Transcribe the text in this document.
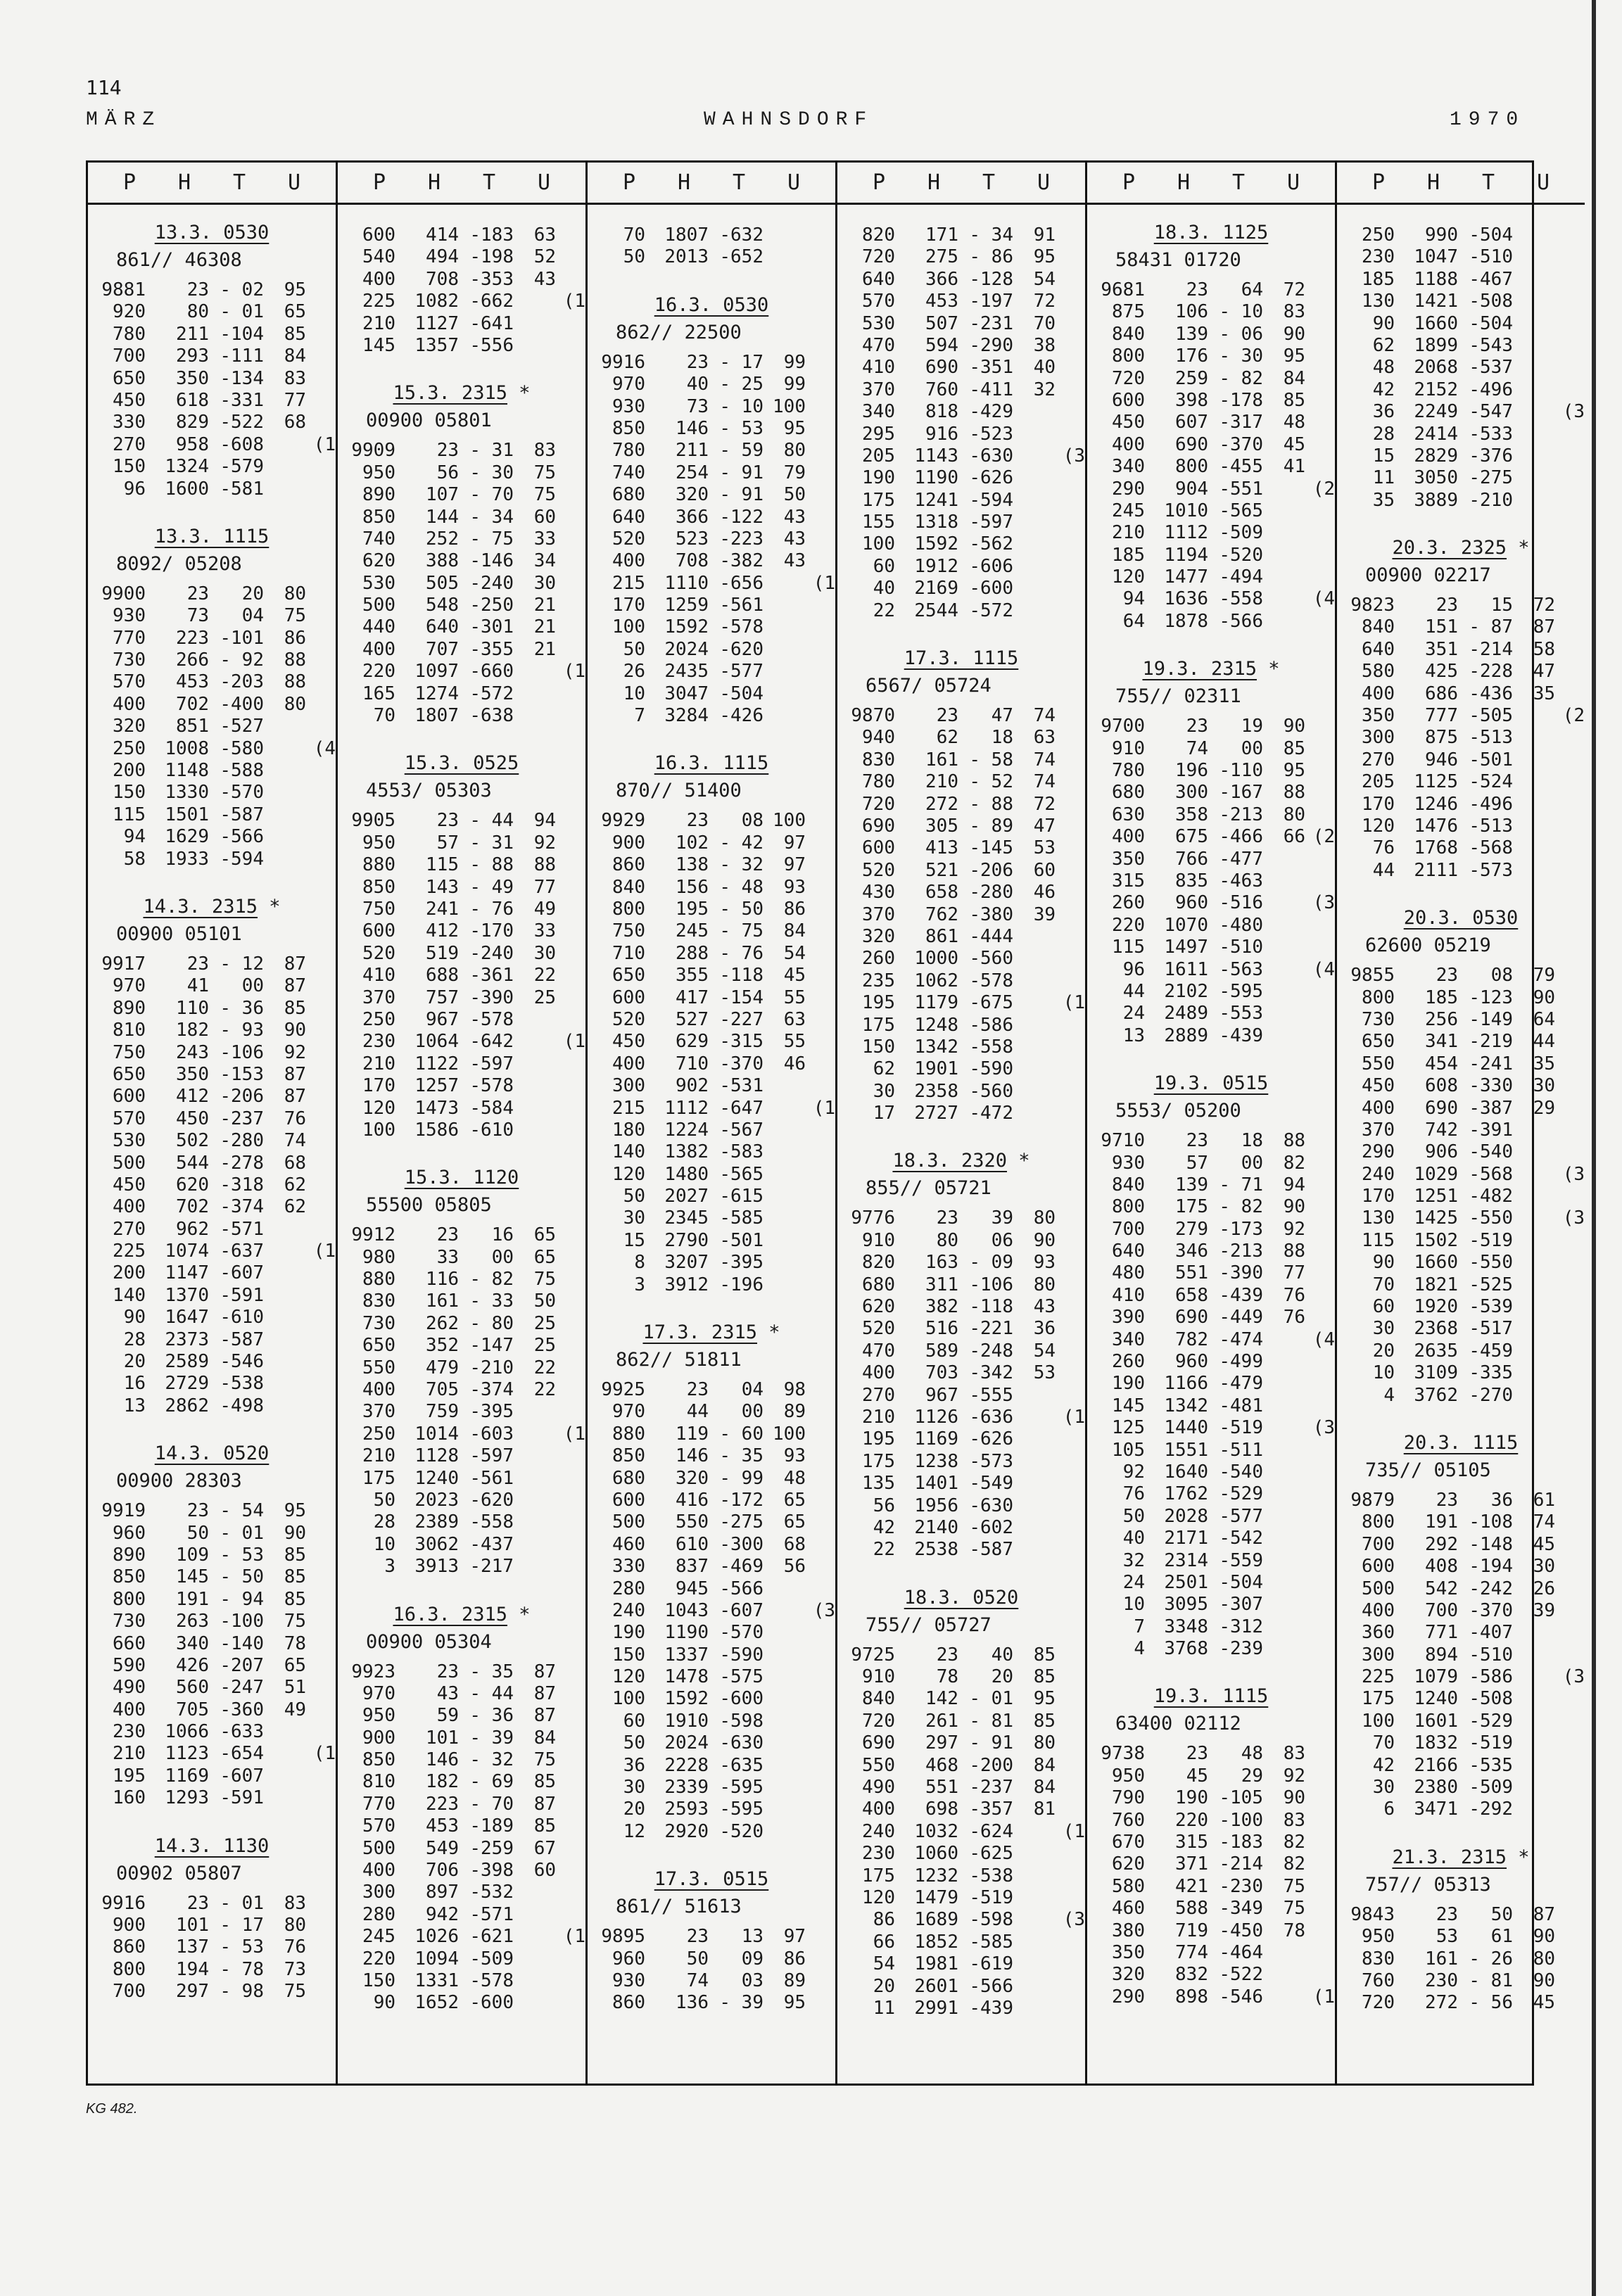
114
MÄRZ	WAHNSDORF	1970
P H T U
13.3. 0530
861// 46308
9881	23 - 02	95
920	80 - 01	65
780	211 -104	85
700	293 -111	84
650	350 -134	83
450	618 -331	77
330	829 -522	68
270	958 -608	(1
150	1324 -579
96	1600 -581
13.3. 1115
8092/ 05208
9900	23	20	80
930	73	04	75
770	223 -101	86
730	266 - 92	88
570	453 -203	88
400	702 -400	80
320	851 -527
250	1008 -580	(4
200	1148 -588
150	1330 -570
115	1501 -587
94	1629 -566
58	1933 -594
14.3. 2315 *
00900 05101
9917	23 - 12	87
970	41	00	87
890	110 - 36	85
810	182 - 93	90
750	243 -106	92
650	350 -153	87
600	412 -206	87
570	450 -237	76
530	502 -280	74
500	544 -278	68
450	620 -318	62
400	702 -374	62
270	962 -571
225	1074 -637	(1
200	1147 -607
140	1370 -591
90	1647 -610
28	2373 -587
20	2589 -546
16	2729 -538
13	2862 -498
14.3. 0520
00900 28303
9919	23 - 54	95
960	50 - 01	90
890	109 - 53	85
850	145 - 50	85
800	191 - 94	85
730	263 -100	75
660	340 -140	78
590	426 -207	65
490	560 -247	51
400	705 -360	49
230	1066 -633
210	1123 -654	(1
195	1169 -607
160	1293 -591
14.3. 1130
00902 05807
9916	23 - 01	83
900	101 - 17	80
860	137 - 53	76
800	194 - 78	73
700	297 - 98	75
P H T U
600	414 -183	63
540	494 -198	52
400	708 -353	43
225	1082 -662	(1
210	1127 -641
145	1357 -556
15.3. 2315 *
00900 05801
9909	23 - 31	83
950	56 - 30	75
890	107 - 70	75
850	144 - 34	60
740	252 - 75	33
620	388 -146	34
530	505 -240	30
500	548 -250	21
440	640 -301	21
400	707 -355	21
220	1097 -660	(1
165	1274 -572
70	1807 -638
15.3. 0525
4553/ 05303
9905	23 - 44	94
950	57 - 31	92
880	115 - 88	88
850	143 - 49	77
750	241 - 76	49
600	412 -170	33
520	519 -240	30
410	688 -361	22
370	757 -390	25
250	967 -578
230	1064 -642	(1
210	1122 -597
170	1257 -578
120	1473 -584
100	1586 -610
15.3. 1120
55500 05805
9912	23	16	65
980	33	00	65
880	116 - 82	75
830	161 - 33	50
730	262 - 80	25
650	352 -147	25
550	479 -210	22
400	705 -374	22
370	759 -395
250	1014 -603	(1
210	1128 -597
175	1240 -561
50	2023 -620
28	2389 -558
10	3062 -437
3	3913 -217
16.3. 2315 *
00900 05304
9923	23 - 35	87
970	43 - 44	87
950	59 - 36	87
900	101 - 39	84
850	146 - 32	75
810	182 - 69	85
770	223 - 70	87
570	453 -189	85
500	549 -259	67
400	706 -398	60
300	897 -532
280	942 -571
245	1026 -621	(1
220	1094 -509
150	1331 -578
90	1652 -600
P H T U
70	1807 -632
50	2013 -652
16.3. 0530
862// 22500
9916	23 - 17	99
970	40 - 25	99
930	73 - 10 100
850	146 - 53	95
780	211 - 59	80
740	254 - 91	79
680	320 - 91	50
640	366 -122	43
520	523 -223	43
400	708 -382	43
215	1110 -656	(1
170	1259 -561
100	1592 -578
50	2024 -620
26	2435 -577
10	3047 -504
7	3284 -426
16.3. 1115
870// 51400
9929	23	08 100
900	102 - 42	97
860	138 - 32	97
840	156 - 48	93
800	195 - 50	86
750	245 - 75	84
710	288 - 76	54
650	355 -118	45
600	417 -154	55
520	527 -227	63
450	629 -315	55
400	710 -370	46
300	902 -531
215	1112 -647	(1
180	1224 -567
140	1382 -583
120	1480 -565
50	2027 -615
30	2345 -585
15	2790 -501
8	3207 -395
3	3912 -196
17.3. 2315 *
862// 51811
9925	23	04	98
970	44	00	89
880	119 - 60 100
850	146 - 35	93
680	320 - 99	48
600	416 -172	65
500	550 -275	65
460	610 -300	68
330	837 -469	56
280	945 -566
240	1043 -607	(3
190	1190 -570
150	1337 -590
120	1478 -575
100	1592 -600
60	1910 -598
50	2024 -630
36	2228 -635
30	2339 -595
20	2593 -595
12	2920 -520
17.3. 0515
861// 51613
9895	23	13	97
960	50	09	86
930	74	03	89
860	136 - 39	95
P H T U
820	171 - 34	91
720	275 - 86	95
640	366 -128	54
570	453 -197	72
530	507 -231	70
470	594 -290	38
410	690 -351	40
370	760 -411	32
340	818 -429
295	916 -523
205	1143 -630	(3
190	1190 -626
175	1241 -594
155	1318 -597
100	1592 -562
60	1912 -606
40	2169 -600
22	2544 -572
17.3. 1115
6567/ 05724
9870	23	47	74
940	62	18	63
830	161 - 58	74
780	210 - 52	74
720	272 - 88	72
690	305 - 89	47
600	413 -145	53
520	521 -206	60
430	658 -280	46
370	762 -380	39
320	861 -444
260	1000 -560
235	1062 -578
195	1179 -675	(1
175	1248 -586
150	1342 -558
62	1901 -590
30	2358 -560
17	2727 -472
18.3. 2320 *
855// 05721
9776	23	39	80
910	80	06	90
820	163 - 09	93
680	311 -106	80
620	382 -118	43
520	516 -221	36
470	589 -248	54
400	703 -342	53
270	967 -555
210	1126 -636	(1
195	1169 -626
175	1238 -573
135	1401 -549
56	1956 -630
42	2140 -602
22	2538 -587
18.3. 0520
755// 05727
9725	23	40	85
910	78	20	85
840	142 - 01	95
720	261 - 81	85
690	297 - 91	80
550	468 -200	84
490	551 -237	84
400	698 -357	81
240	1032 -624	(1
230	1060 -625
175	1232 -538
120	1479 -519
86	1689 -598	(3
66	1852 -585
54	1981 -619
20	2601 -566
11	2991 -439
P H T U
18.3. 1125
58431 01720
9681	23	64	72
875	106 - 10	83
840	139 - 06	90
800	176 - 30	95
720	259 - 82	84
600	398 -178	85
450	607 -317	48
400	690 -370	45
340	800 -455	41
290	904 -551	(2
245	1010 -565
210	1112 -509
185	1194 -520
120	1477 -494
94	1636 -558	(4
64	1878 -566
19.3. 2315 *
755// 02311
9700	23	19	90
910	74	00	85
780	196 -110	95
680	300 -167	88
630	358 -213	80
400	675 -466	66 (2
350	766 -477
315	835 -463
260	960 -516	(3
220	1070 -480
115	1497 -510
96	1611 -563	(4
44	2102 -595
24	2489 -553
13	2889 -439
19.3. 0515
5553/ 05200
9710	23	18	88
930	57	00	82
840	139 - 71	94
800	175 - 82	90
700	279 -173	92
640	346 -213	88
480	551 -390	77
410	658 -439	76
390	690 -449	76
340	782 -474	(4
260	960 -499
190	1166 -479
145	1342 -481
125	1440 -519	(3
105	1551 -511
92	1640 -540
76	1762 -529
50	2028 -577
40	2171 -542
32	2314 -559
24	2501 -504
10	3095 -307
7	3348 -312
4	3768 -239
19.3. 1115
63400 02112
9738	23	48	83
950	45	29	92
790	190 -105	90
760	220 -100	83
670	315 -183	82
620	371 -214	82
580	421 -230	75
460	588 -349	75
380	719 -450	78
350	774 -464
320	832 -522
290	898 -546	(1
P H T U
250	990 -504
230	1047 -510
185	1188 -467
130	1421 -508
90	1660 -504
62	1899 -543
48	2068 -537
42	2152 -496
36	2249 -547	(3
28	2414 -533
15	2829 -376
11	3050 -275
35	3889 -210
20.3. 2325 *
00900 02217
9823	23	15	72
840	151 - 87	87
640	351 -214	58
580	425 -228	47
400	686 -436	35
350	777 -505	(2
300	875 -513
270	946 -501
205	1125 -524
170	1246 -496
120	1476 -513
76	1768 -568
44	2111 -573
20.3. 0530
62600 05219
9855	23	08	79
800	185 -123	90
730	256 -149	64
650	341 -219	44
550	454 -241	35
450	608 -330	30
400	690 -387	29
370	742 -391
290	906 -540
240	1029 -568	(3
170	1251 -482
130	1425 -550	(3
115	1502 -519
90	1660 -550
70	1821 -525
60	1920 -539
30	2368 -517
20	2635 -459
10	3109 -335
4	3762 -270
20.3. 1115
735// 05105
9879	23	36	61
800	191 -108	74
700	292 -148	45
600	408 -194	30
500	542 -242	26
400	700 -370	39
360	771 -407
300	894 -510
225	1079 -586	(3
175	1240 -508
100	1601 -529
70	1832 -519
42	2166 -535
30	2380 -509
6	3471 -292
21.3. 2315 *
757// 05313
9843	23	50	87
950	53	61	90
830	161 - 26	80
760	230 - 81	90
720	272 - 56	45
KG 482.
